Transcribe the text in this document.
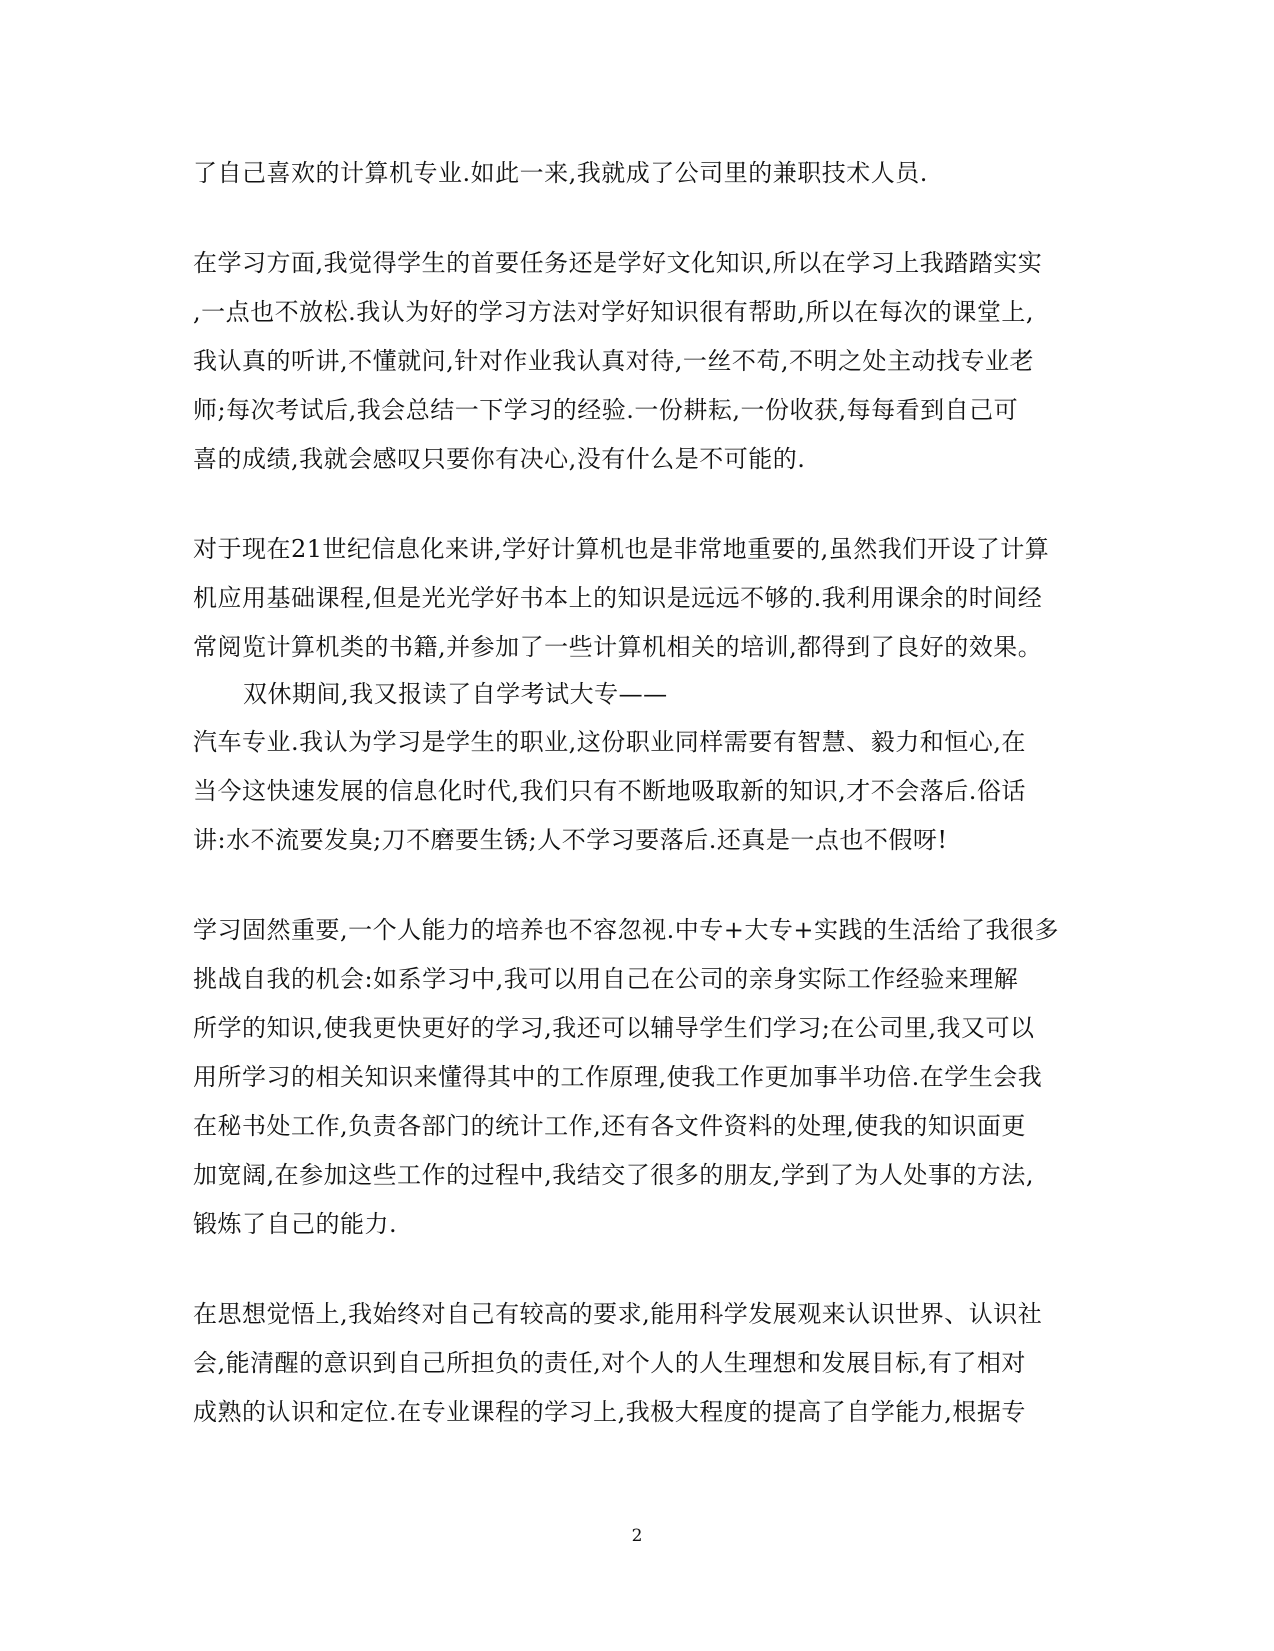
了自己喜欢的计算机专业.如此一来,我就成了公司里的兼职技术人员.
在学习方面,我觉得学生的首要任务还是学好文化知识,所以在学习上我踏踏实实
,一点也不放松.我认为好的学习方法对学好知识很有帮助,所以在每次的课堂上,
我认真的听讲,不懂就问,针对作业我认真对待,一丝不苟,不明之处主动找专业老
师;每次考试后,我会总结一下学习的经验.一份耕耘,一份收获,每每看到自己可
喜的成绩,我就会感叹只要你有决心,没有什么是不可能的.
对于现在21世纪信息化来讲,学好计算机也是非常地重要的,虽然我们开设了计算
机应用基础课程,但是光光学好书本上的知识是远远不够的.我利用课余的时间经
常阅览计算机类的书籍,并参加了一些计算机相关的培训,都得到了良好的效果。
双休期间,我又报读了自学考试大专——
汽车专业.我认为学习是学生的职业,这份职业同样需要有智慧、毅力和恒心,在
当今这快速发展的信息化时代,我们只有不断地吸取新的知识,才不会落后.俗话
讲:水不流要发臭;刀不磨要生锈;人不学习要落后.还真是一点也不假呀!
学习固然重要,一个人能力的培养也不容忽视.中专+大专+实践的生活给了我很多
挑战自我的机会:如系学习中,我可以用自己在公司的亲身实际工作经验来理解
所学的知识,使我更快更好的学习,我还可以辅导学生们学习;在公司里,我又可以
用所学习的相关知识来懂得其中的工作原理,使我工作更加事半功倍.在学生会我
在秘书处工作,负责各部门的统计工作,还有各文件资料的处理,使我的知识面更
加宽阔,在参加这些工作的过程中,我结交了很多的朋友,学到了为人处事的方法,
锻炼了自己的能力.
在思想觉悟上,我始终对自己有较高的要求,能用科学发展观来认识世界、认识社
会,能清醒的意识到自己所担负的责任,对个人的人生理想和发展目标,有了相对
成熟的认识和定位.在专业课程的学习上,我极大程度的提高了自学能力,根据专
2
